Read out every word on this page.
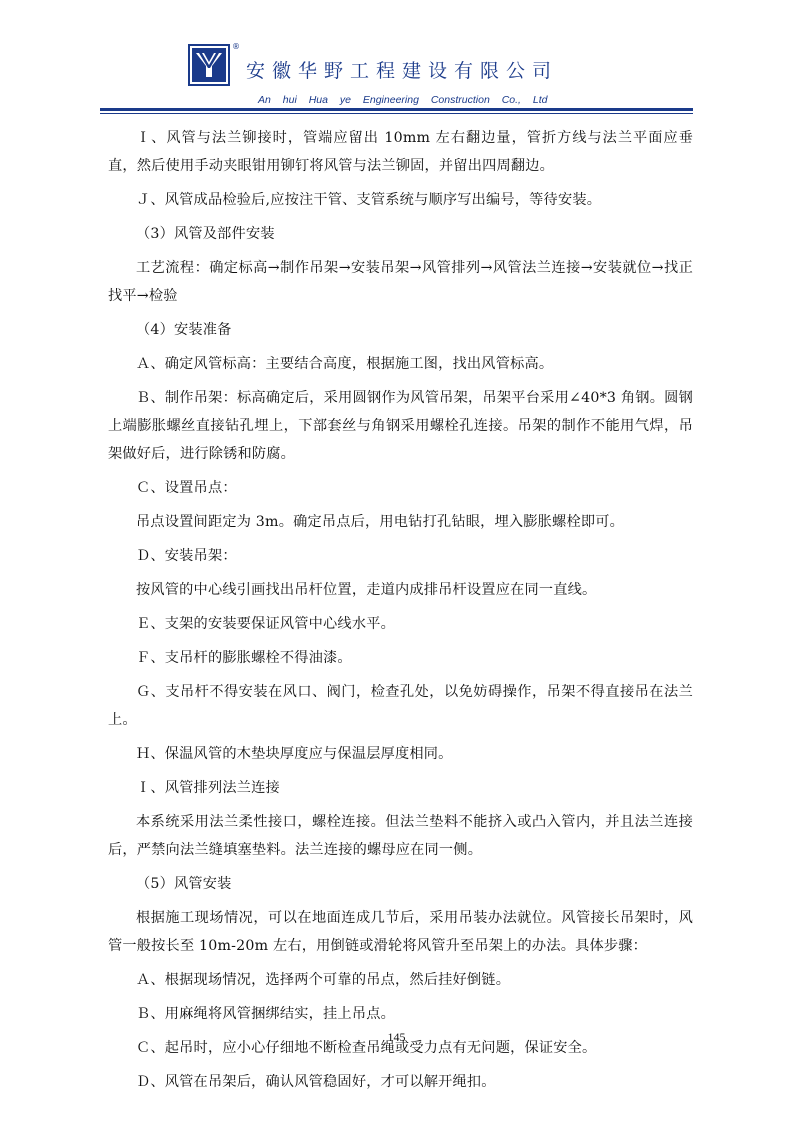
®
安徽华野工程建设有限公司
An hui Hua ye Engineering Construction Co., Ltd

Ｉ、风管与法兰铆接时，管端应留出 10mm 左右翻边量，管折方线与法兰平面应垂直，然后使用手动夹眼钳用铆钉将风管与法兰铆固，并留出四周翻边。

Ｊ、风管成品检验后,应按注干管、支管系统与顺序写出编号，等待安装。

（3）风管及部件安装

工艺流程：确定标高→制作吊架→安装吊架→风管排列→风管法兰连接→安装就位→找正找平→检验

（4）安装准备

Ａ、确定风管标高：主要结合高度，根据施工图，找出风管标高。

Ｂ、制作吊架：标高确定后，采用圆钢作为风管吊架，吊架平台采用∠40*3 角钢。圆钢上端膨胀螺丝直接钻孔埋上，下部套丝与角钢采用螺栓孔连接。吊架的制作不能用气焊，吊架做好后，进行除锈和防腐。

Ｃ、设置吊点：

吊点设置间距定为 3m。确定吊点后，用电钻打孔钻眼，埋入膨胀螺栓即可。

Ｄ、安装吊架：

按风管的中心线引画找出吊杆位置，走道内成排吊杆设置应在同一直线。

Ｅ、支架的安装要保证风管中心线水平。

Ｆ、支吊杆的膨胀螺栓不得油漆。

Ｇ、支吊杆不得安装在风口、阀门，检查孔处，以免妨碍操作，吊架不得直接吊在法兰上。

Ｈ、保温风管的木垫块厚度应与保温层厚度相同。

Ｉ、风管排列法兰连接

本系统采用法兰柔性接口，螺栓连接。但法兰垫料不能挤入或凸入管内，并且法兰连接后，严禁向法兰缝填塞垫料。法兰连接的螺母应在同一侧。

（5）风管安装

根据施工现场情况，可以在地面连成几节后，采用吊装办法就位。风管接长吊架时，风管一般按长至 10m-20m 左右，用倒链或滑轮将风管升至吊架上的办法。具体步骤：

Ａ、根据现场情况，选择两个可靠的吊点，然后挂好倒链。

Ｂ、用麻绳将风管捆绑结实，挂上吊点。

Ｃ、起吊时，应小心仔细地不断检查吊绳或受力点有无问题，保证安全。

Ｄ、风管在吊架后，确认风管稳固好，才可以解开绳扣。

145
